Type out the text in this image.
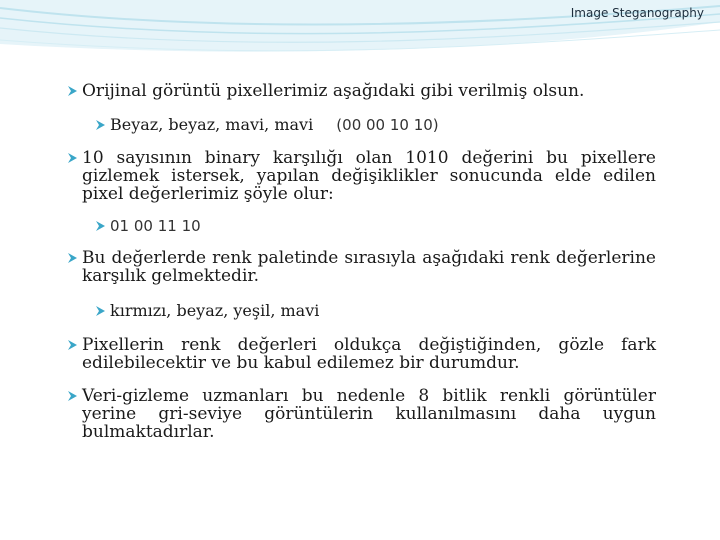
Image Steganography
Orijinal görüntü pixellerimiz aşağıdaki gibi verilmiş olsun.
Beyaz, beyaz, mavi, mavi (00 00 10 10)
10 sayısının binary karşılığı olan 1010 değerini bu pixellere gizlemek istersek, yapılan değişiklikler sonucunda elde edilen pixel değerlerimiz şöyle olur:
01 00 11 10
Bu değerlerde renk paletinde sırasıyla aşağıdaki renk değerlerine karşılık gelmektedir.
kırmızı, beyaz, yeşil, mavi
Pixellerin renk değerleri oldukça değiştiğinden, gözle fark edilebilecektir ve bu kabul edilemez bir durumdur.
Veri-gizleme uzmanları bu nedenle 8 bitlik renkli görüntüler yerine gri-seviye görüntülerin kullanılmasını daha uygun bulmaktadırlar.
